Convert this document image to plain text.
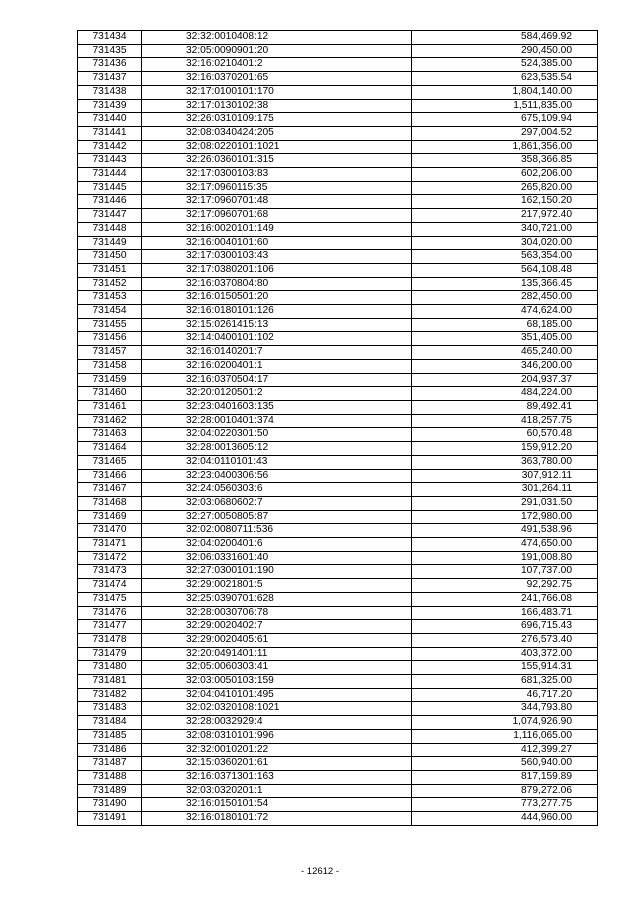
731434	32:32:0010408:12	584,469.92
731435	32:05:0090901:20	290,450.00
731436	32:16:0210401:2	524,385.00
731437	32:16:0370201:65	623,535.54
731438	32:17:0100101:170	1,804,140.00
731439	32:17:0130102:38	1,511,835.00
731440	32:26:0310109:175	675,109.94
731441	32:08:0340424:205	297,004.52
731442	32:08:0220101:1021	1,861,356.00
731443	32:26:0360101:315	358,366.85
731444	32:17:0300103:83	602,206.00
731445	32:17:0960115:35	265,820.00
731446	32:17:0960701:48	162,150.20
731447	32:17:0960701:68	217,972.40
731448	32:16:0020101:149	340,721.00
731449	32:16:0040101:60	304,020.00
731450	32:17:0300103:43	563,354.00
731451	32:17:0380201:106	564,108.48
731452	32:16:0370804:80	135,366.45
731453	32:16:0150501:20	282,450.00
731454	32:16:0180101:126	474,624.00
731455	32:15:0261415:13	68,185.00
731456	32:14:0400101:102	351,405.00
731457	32:16:0140201:7	465,240.00
731458	32:16:0200401:1	346,200.00
731459	32:16:0370504:17	204,937.37
731460	32:20:0120501:2	484,224.00
731461	32:23:0401603:135	89,492.41
731462	32:28:0010401:374	418,257.75
731463	32:04:0220301:50	60,570.48
731464	32:28:0013605:12	159,912.20
731465	32:04:0110101:43	363,780.00
731466	32:23:0400306:56	307,912.11
731467	32:24:0560303:6	301,264.11
731468	32:03:0680602:7	291,031.50
731469	32:27:0050805:87	172,980.00
731470	32:02:0080711:536	491,538.96
731471	32:04:0200401:6	474,650.00
731472	32:06:0331601:40	191,008.80
731473	32:27:0300101:190	107,737.00
731474	32:29:0021801:5	92,292.75
731475	32:25:0390701:628	241,766.08
731476	32:28:0030706:78	166,483.71
731477	32:29:0020402:7	696,715.43
731478	32:29:0020405:61	276,573.40
731479	32:20:0491401:11	403,372.00
731480	32:05:0060303:41	155,914.31
731481	32:03:0050103:159	681,325.00
731482	32:04:0410101:495	46,717.20
731483	32:02:0320108:1021	344,793.80
731484	32:28:0032929:4	1,074,926.90
731485	32:08:0310101:996	1,116,065.00
731486	32:32:0010201:22	412,399.27
731487	32:15:0360201:61	560,940.00
731488	32:16:0371301:163	817,159.89
731489	32:03:0320201:1	879,272.06
731490	32:16:0150101:54	773,277.75
731491	32:16:0180101:72	444,960.00
- 12612 -
